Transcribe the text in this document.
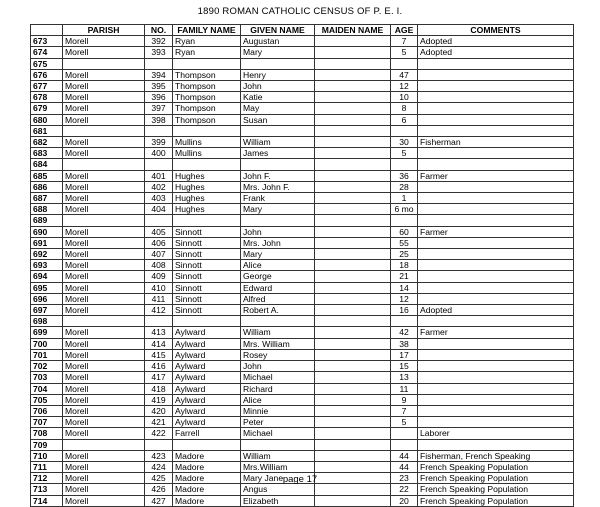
1890 ROMAN CATHOLIC CENSUS OF P. E. I.
	PARISH	NO.	FAMILY NAME	GIVEN NAME	MAIDEN NAME	AGE	COMMENTS
673	Morell	392	Ryan	Augustan		7	Adopted
674	Morell	393	Ryan	Mary		5	Adopted
675							
676	Morell	394	Thompson	Henry		47	
677	Morell	395	Thompson	John		12	
678	Morell	396	Thompson	Katie		10	
679	Morell	397	Thompson	May		8	
680	Morell	398	Thompson	Susan		6	
681							
682	Morell	399	Mullins	William		30	Fisherman
683	Morell	400	Mullins	James		5	
684							
685	Morell	401	Hughes	John F.		36	Farmer
686	Morell	402	Hughes	Mrs. John F.		28	
687	Morell	403	Hughes	Frank		1	
688	Morell	404	Hughes	Mary		6 mo	
689							
690	Morell	405	Sinnott	John		60	Farmer
691	Morell	406	Sinnott	Mrs. John		55	
692	Morell	407	Sinnott	Mary		25	
693	Morell	408	Sinnott	Alice		18	
694	Morell	409	Sinnott	George		21	
695	Morell	410	Sinnott	Edward		14	
696	Morell	411	Sinnott	Alfred		12	
697	Morell	412	Sinnott	Robert A.		16	Adopted
698							
699	Morell	413	Aylward	William		42	Farmer
700	Morell	414	Aylward	Mrs. William		38	
701	Morell	415	Aylward	Rosey		17	
702	Morell	416	Aylward	John		15	
703	Morell	417	Aylward	Michael		13	
704	Morell	418	Aylward	Richard		11	
705	Morell	419	Aylward	Alice		9	
706	Morell	420	Aylward	Minnie		7	
707	Morell	421	Aylward	Peter		5	
708	Morell	422	Farrell	Michael			Laborer
709							
710	Morell	423	Madore	William		44	Fisherman, French Speaking
711	Morell	424	Madore	Mrs.William		44	French Speaking Population
712	Morell	425	Madore	Mary Jane		23	French Speaking Population
713	Morell	426	Madore	Angus		22	French Speaking Population
714	Morell	427	Madore	Elizabeth		20	French Speaking Population
page 17
